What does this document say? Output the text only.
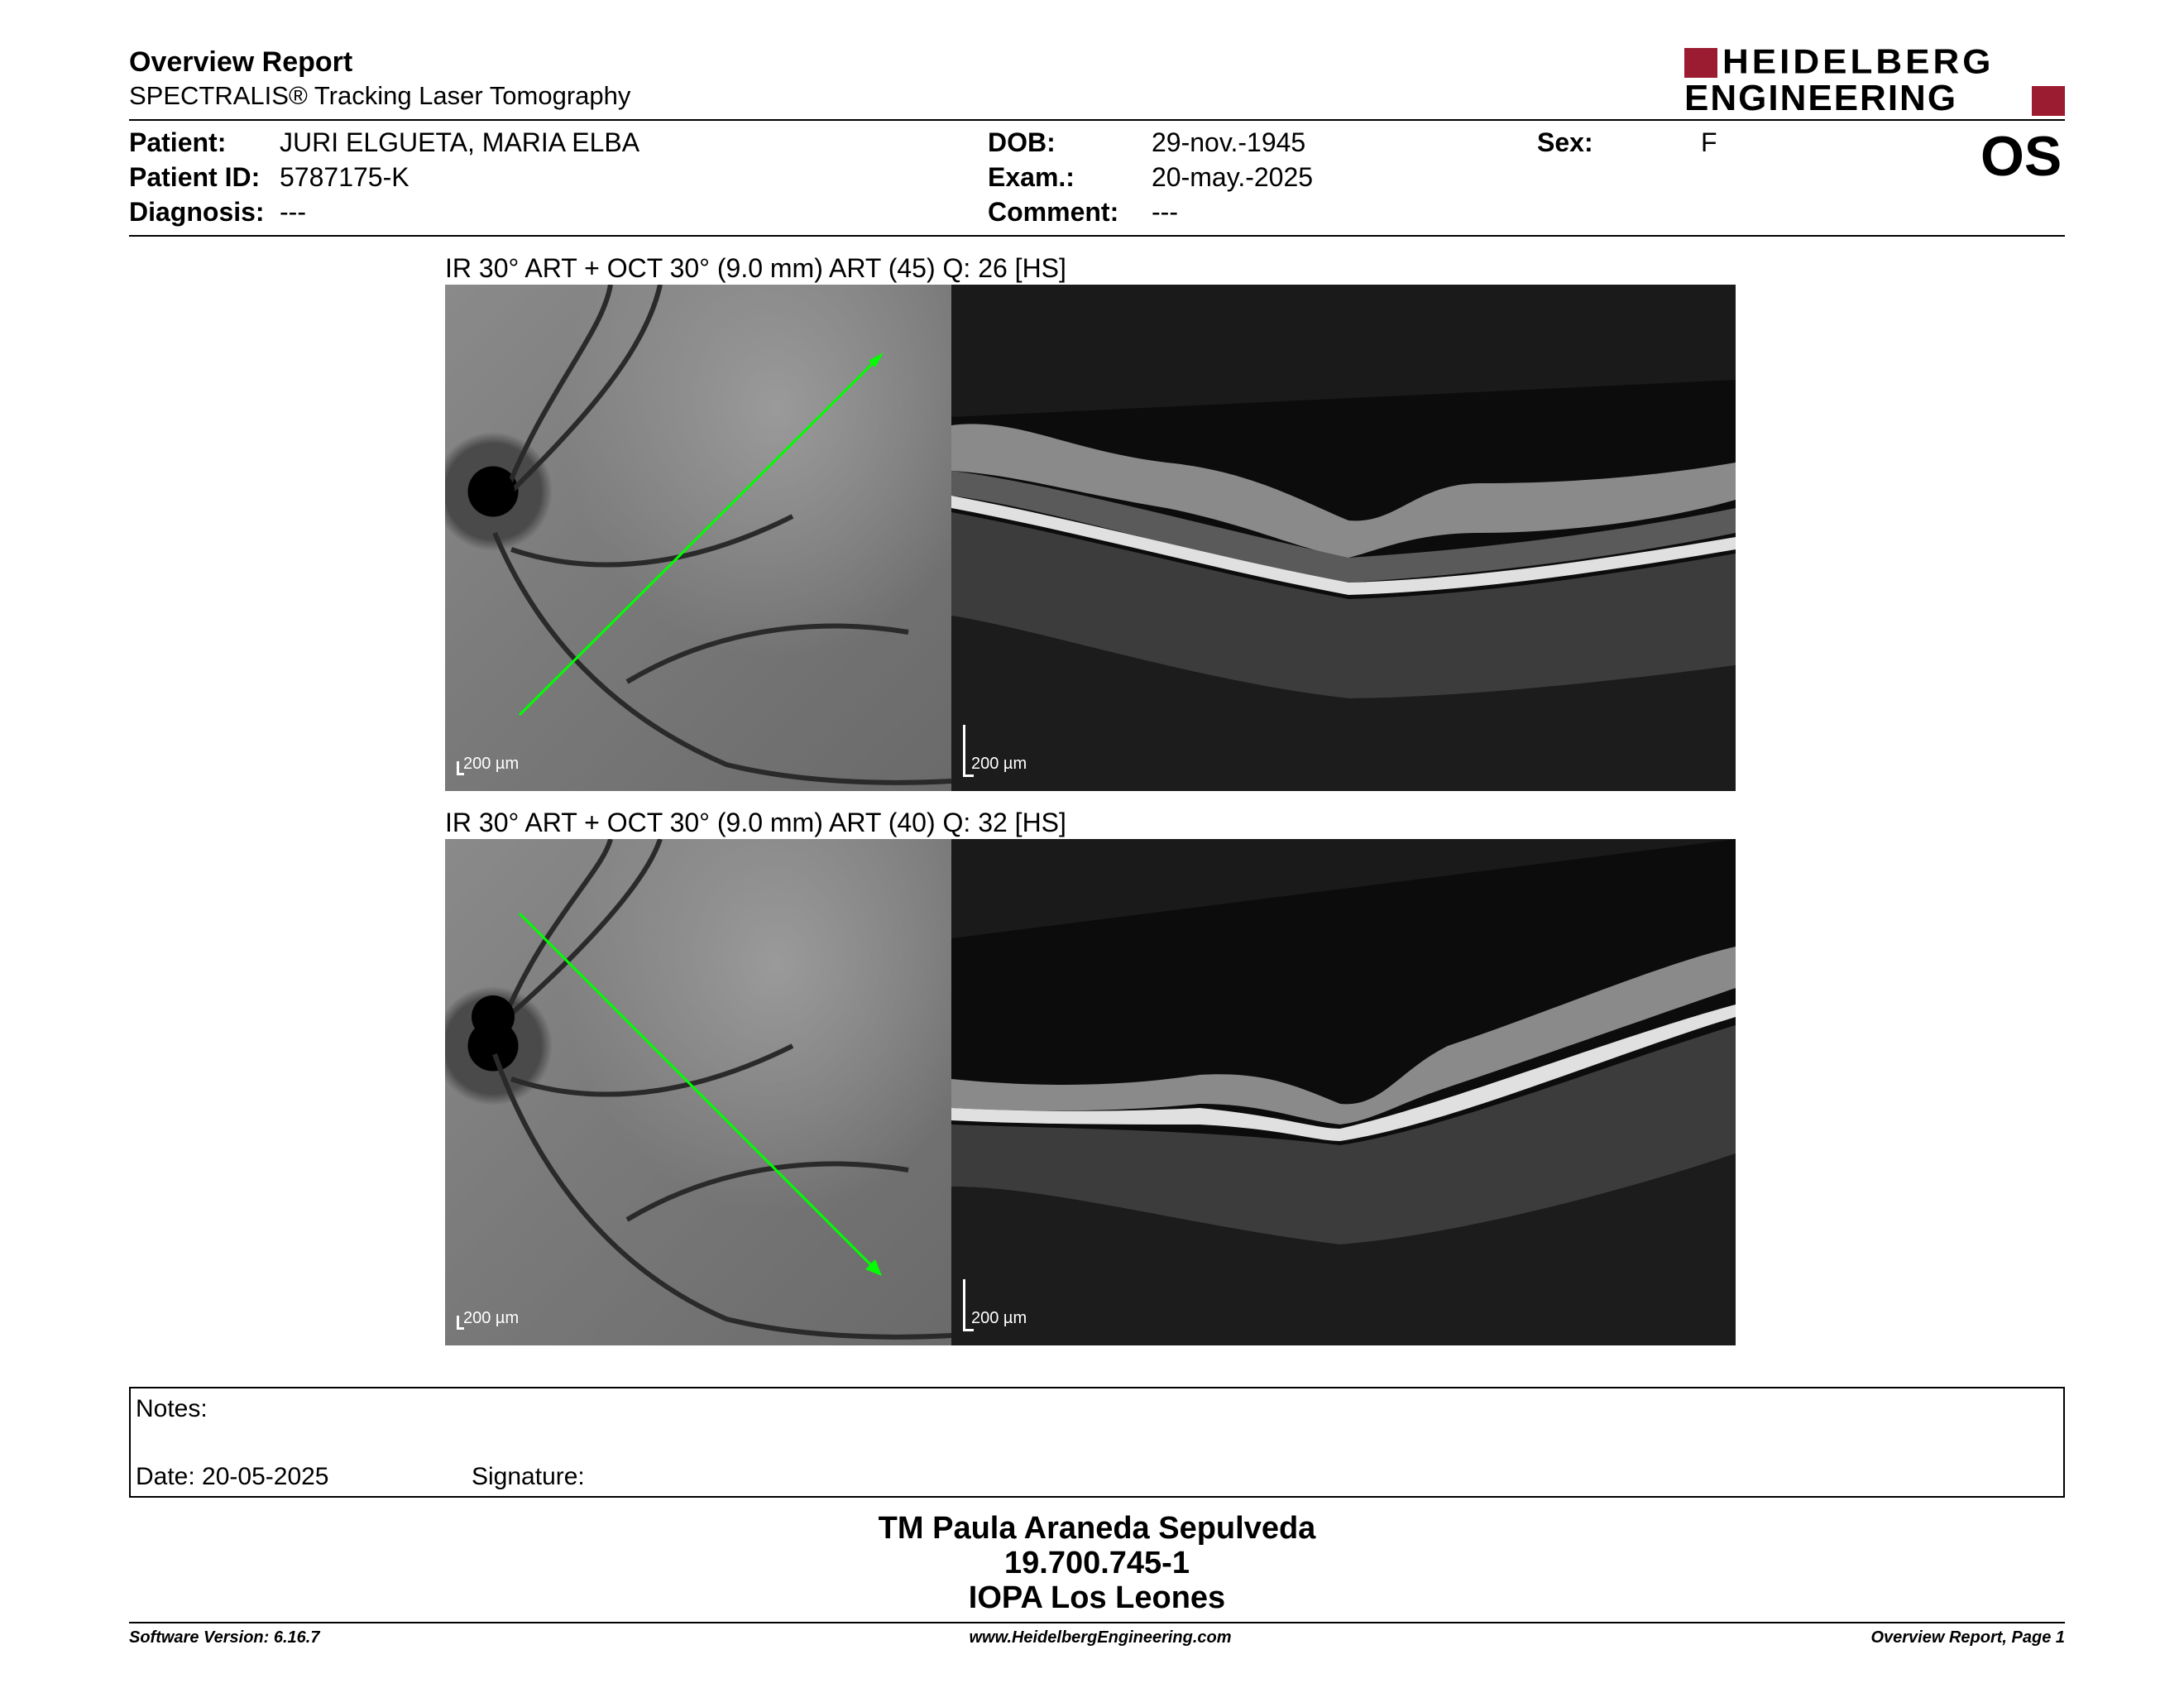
Overview Report
SPECTRALIS® Tracking Laser Tomography
HEIDELBERG
ENGINEERING
Patient: JURI ELGUETA, MARIA ELBA
Patient ID: 5787175-K
Diagnosis: ---
DOB:	29-nov.-1945
Exam.:	20-may.-2025
Comment: ---
Sex:	F	OS
IR 30° ART + OCT 30° (9.0 mm) ART (45) Q: 26 [HS]
200 µm	200 µm
IR 30° ART + OCT 30° (9.0 mm) ART (40) Q: 32 [HS]
200 µm	200 µm
Notes:
Date: 20-05-2025	Signature:
TM Paula Araneda Sepulveda
19.700.745-1
IOPA Los Leones
Software Version: 6.16.7	www.HeidelbergEngineering.com	Overview Report, Page 1
